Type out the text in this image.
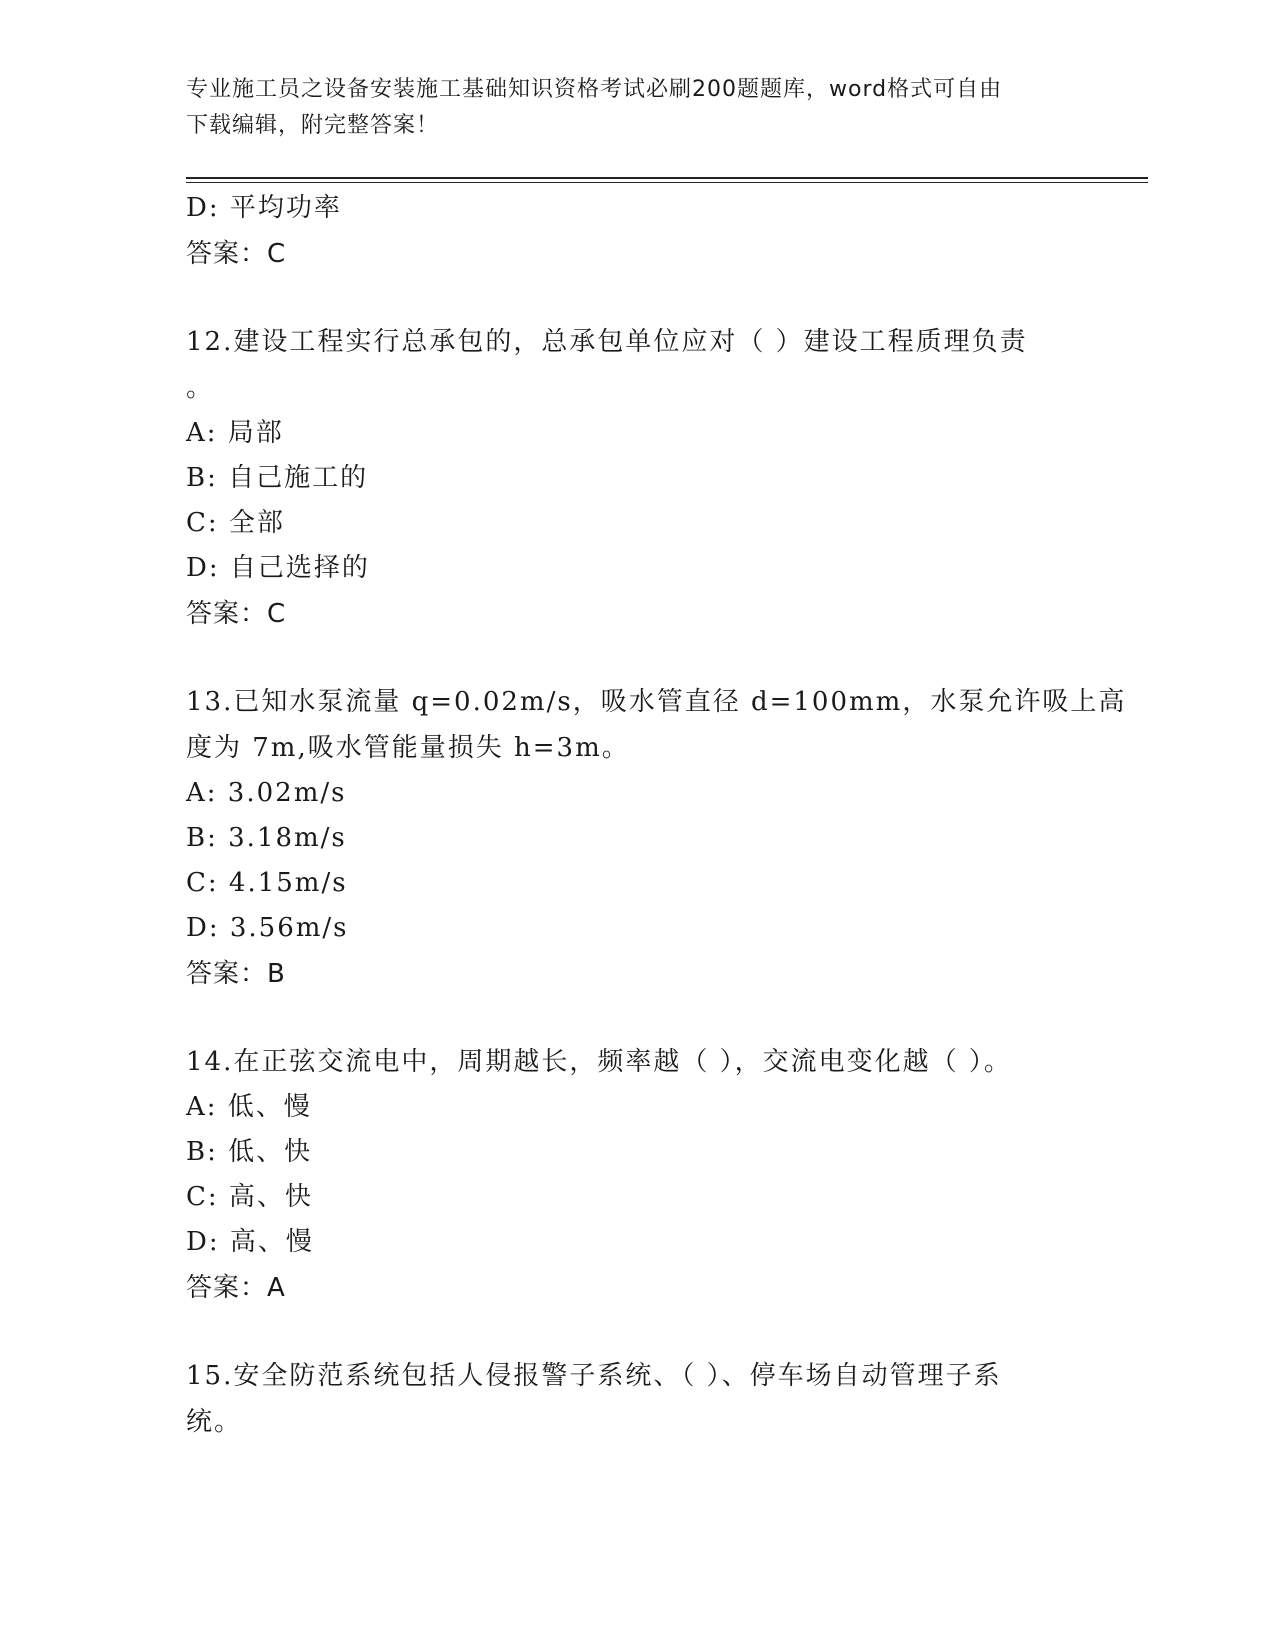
专业施工员之设备安装施工基础知识资格考试必刷200题题库，word格式可自由
下载编辑，附完整答案！
D: 平均功率
答案：C
12.建设工程实行总承包的，总承包单位应对（ ）建设工程质理负责
。
A: 局部
B: 自己施工的
C: 全部
D: 自己选择的
答案：C
13.已知水泵流量 q=0.02m/s，吸水管直径 d=100mm，水泵允许吸上高
度为 7m,吸水管能量损失 h=3m。
A: 3.02m/s
B: 3.18m/s
C: 4.15m/s
D: 3.56m/s
答案：B
14.在正弦交流电中，周期越长，频率越（ ），交流电变化越（ ）。
A: 低、慢
B: 低、快
C: 高、快
D: 高、慢
答案：A
15.安全防范系统包括人侵报警子系统、（ ）、停车场自动管理子系
统。
